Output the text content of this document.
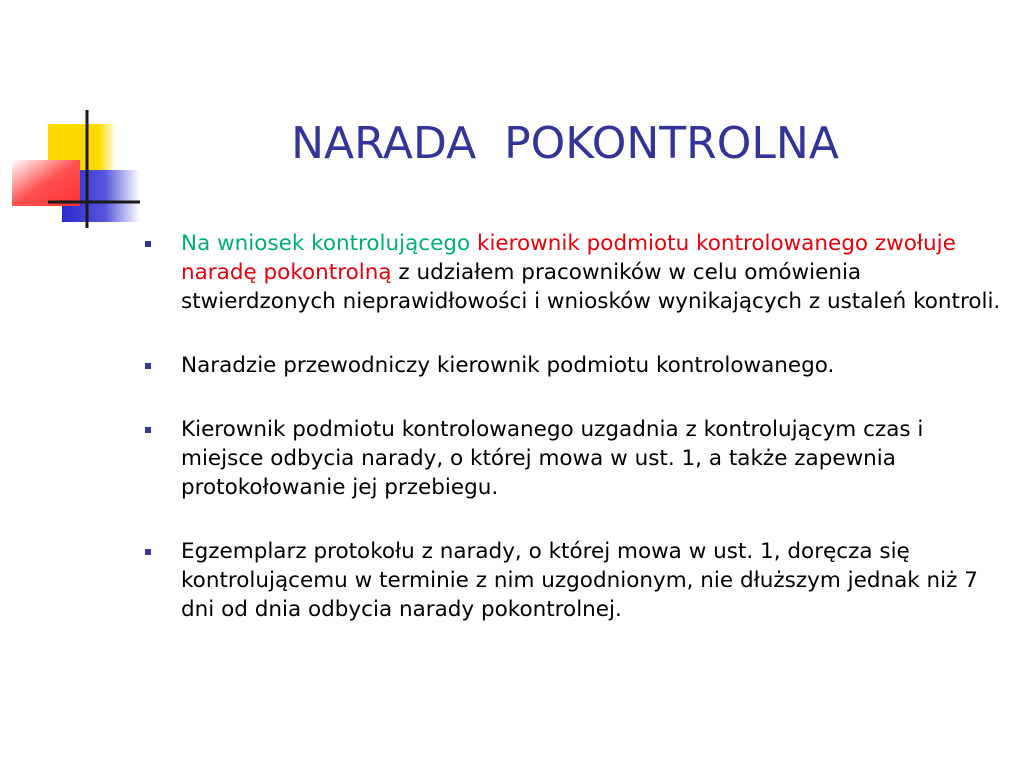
NARADA  POKONTROLNA
Na wniosek kontrolującego kierownik podmiotu kontrolowanego zwołuje naradę pokontrolną z udziałem pracowników w celu omówienia stwierdzonych nieprawidłowości i wniosków wynikających z ustaleń kontroli.
Naradzie przewodniczy kierownik podmiotu kontrolowanego.
Kierownik podmiotu kontrolowanego uzgadnia z kontrolującym czas i miejsce odbycia narady, o której mowa w ust. 1, a także zapewnia protokołowanie jej przebiegu.
Egzemplarz protokołu z narady, o której mowa w ust. 1, doręcza się kontrolującemu w terminie z nim uzgodnionym, nie dłuższym jednak niż 7 dni od dnia odbycia narady pokontrolnej.
